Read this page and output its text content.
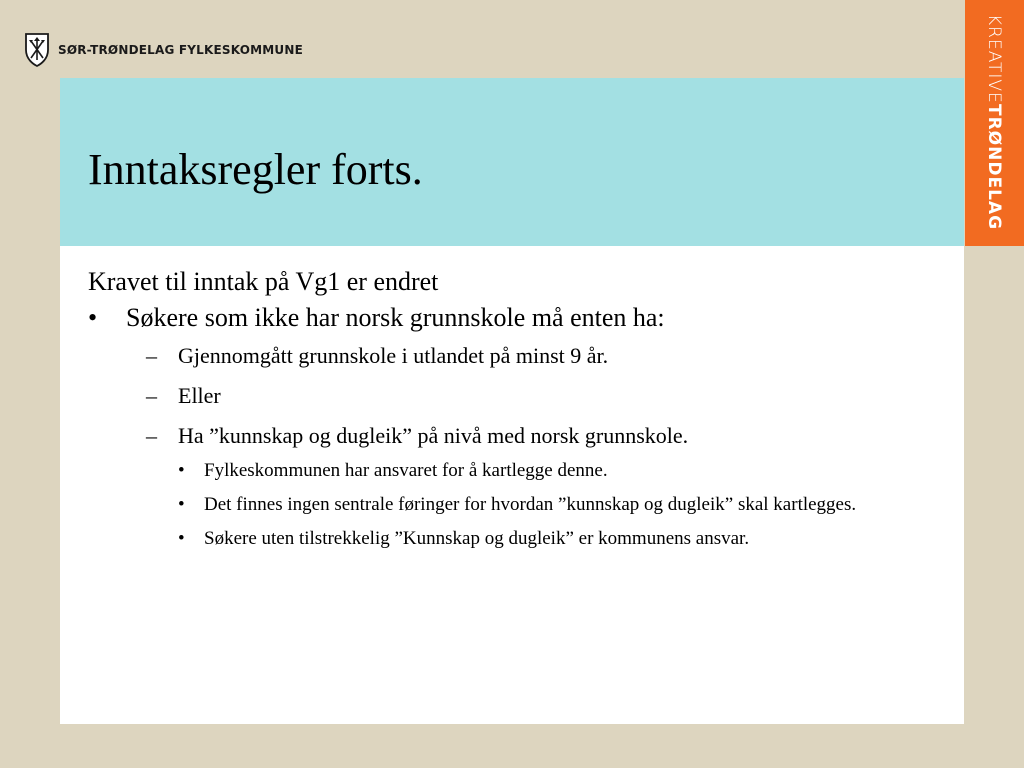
SØR-TRØNDELAG FYLKESKOMMUNE	KREATIVE
TRØNDELAG
Inntaksregler forts.

Kravet til inntak på Vg1 er endret

• Søkere som ikke har norsk grunnskole må enten ha:
– Gjennomgått grunnskole i utlandet på minst 9 år.
– Eller
– Ha ”kunnskap og dugleik” på nivå med norsk grunnskole.
• Fylkeskommunen har ansvaret for å kartlegge denne.
• Det finnes ingen sentrale føringer for hvordan ”kunnskap og dugleik” skal kartlegges.
• Søkere uten tilstrekkelig ”Kunnskap og dugleik” er kommunens ansvar.
